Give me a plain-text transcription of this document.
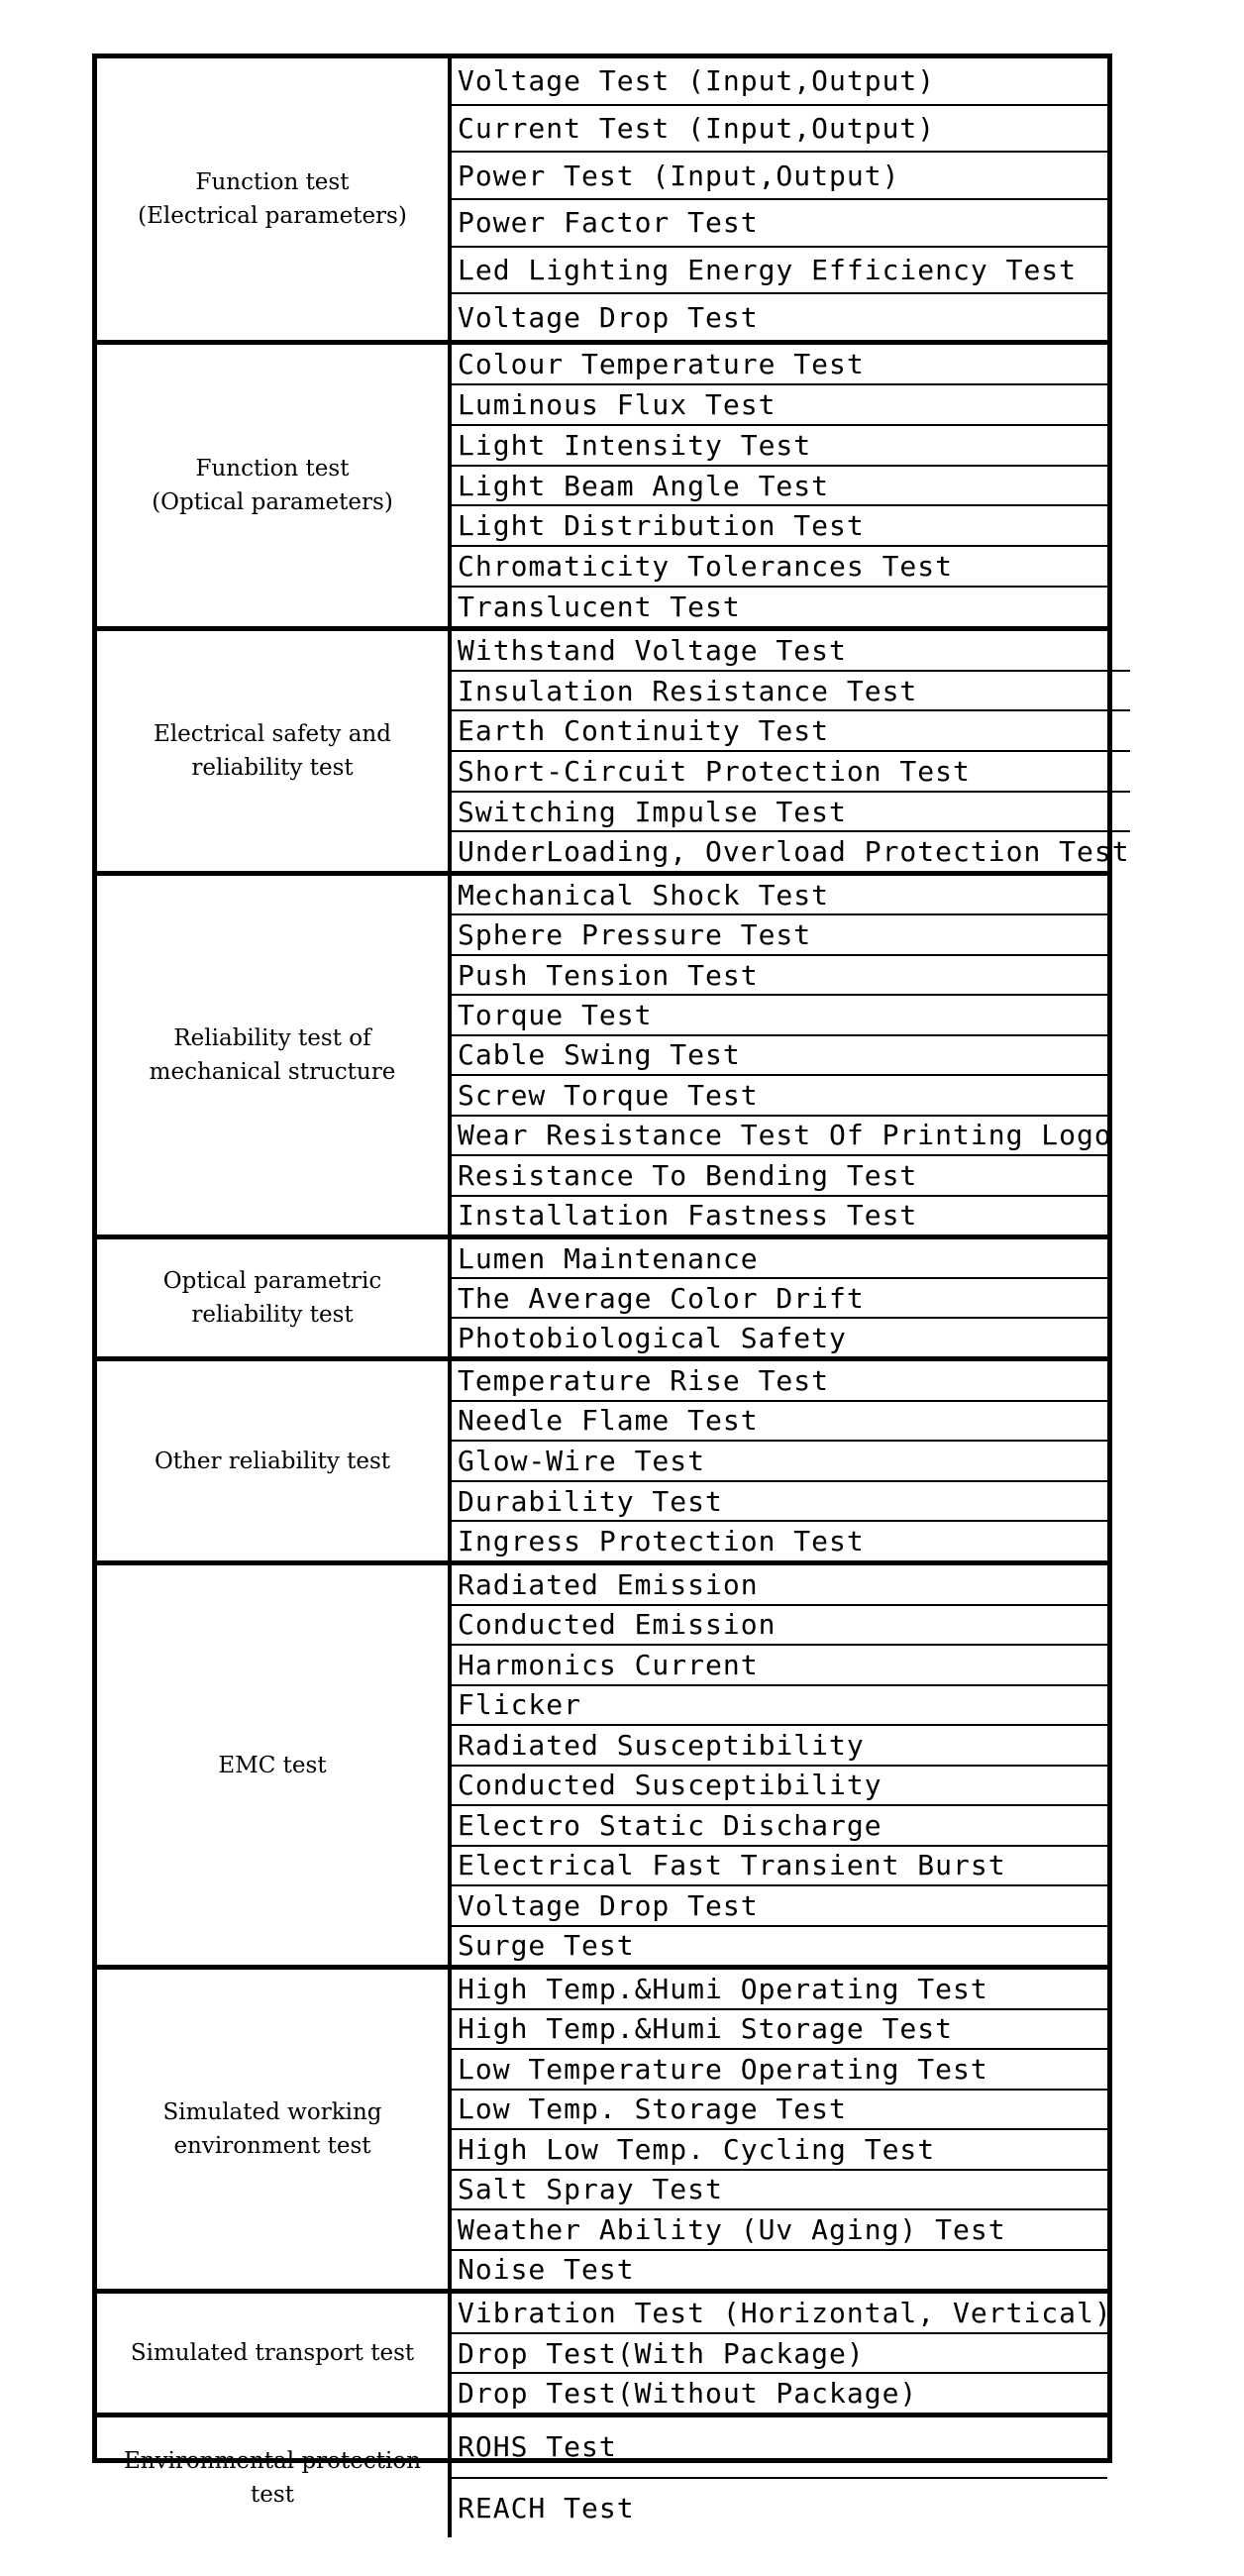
Function test
(Electrical parameters)
Voltage Test (Input,Output)
Current Test (Input,Output)
Power Test (Input,Output)
Power Factor Test
Led Lighting Energy Efficiency Test
Voltage Drop Test
Function test
(Optical parameters)
Colour Temperature Test
Luminous Flux Test
Light Intensity Test
Light Beam Angle Test
Light Distribution Test
Chromaticity Tolerances Test
Translucent Test
Electrical safety and
reliability test
Withstand Voltage Test
Insulation Resistance Test
Earth Continuity Test
Short-Circuit Protection Test
Switching Impulse Test
UnderLoading, Overload Protection Test
Reliability test of
mechanical structure
Mechanical Shock Test
Sphere Pressure Test
Push Tension Test
Torque Test
Cable Swing Test
Screw Torque Test
Wear Resistance Test Of Printing Logo
Resistance To Bending Test
Installation Fastness Test
Optical parametric
reliability test
Lumen Maintenance
The Average Color Drift
Photobiological Safety
Other reliability test
Temperature Rise Test
Needle Flame Test
Glow-Wire Test
Durability Test
Ingress Protection Test
EMC test
Radiated Emission
Conducted Emission
Harmonics Current
Flicker
Radiated Susceptibility
Conducted Susceptibility
Electro Static Discharge
Electrical Fast Transient Burst
Voltage Drop Test
Surge Test
Simulated working
environment test
High Temp.&Humi Operating Test
High Temp.&Humi Storage Test
Low Temperature Operating Test
Low Temp. Storage Test
High Low Temp. Cycling Test
Salt Spray Test
Weather Ability (Uv Aging) Test
Noise Test
Simulated transport test
Vibration Test (Horizontal, Vertical)
Drop Test(With Package)
Drop Test(Without Package)
Environmental protection
test
ROHS Test
REACH Test
